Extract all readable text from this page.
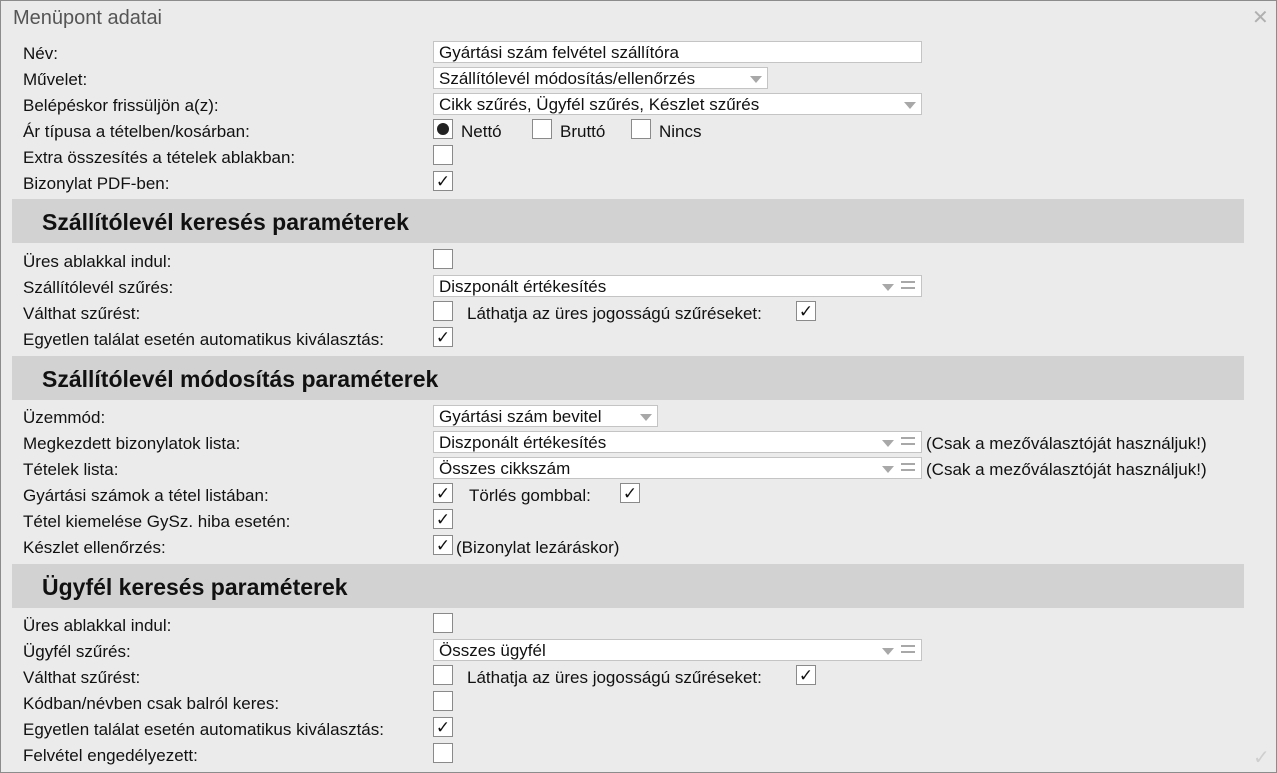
Menüpont adatai	✕
Név:	Gyártási szám felvétel szállítóra
Művelet:	Szállítólevél módosítás/ellenőrzés
Belépéskor frissüljön a(z):	Cikk szűrés, Ügyfél szűrés, Készlet szűrés
Ár típusa a tételben/kosárban:	Nettó	Bruttó	Nincs
Extra összesítés a tételek ablakban:
Bizonylat PDF-ben:	✓
Szállítólevél keresés paraméterek
Üres ablakkal indul:
Szállítólevél szűrés:	Diszponált értékesítés
Válthat szűrést:	Láthatja az üres jogosságú szűréseket: ✓
Egyetlen találat esetén automatikus kiválasztás:	✓
Szállítólevél módosítás paraméterek
Üzemmód:	Gyártási szám bevitel
Megkezdett bizonylatok lista:	Diszponált értékesítés	(Csak a mezőválasztóját használjuk!)
Tételek lista:	Összes cikkszám	(Csak a mezőválasztóját használjuk!)
Gyártási számok a tétel listában:	✓ Törlés gombbal: ✓
Tétel kiemelése GySz. hiba esetén:	✓
Készlet ellenőrzés:	✓ (Bizonylat lezáráskor)
Ügyfél keresés paraméterek
Üres ablakkal indul:
Ügyfél szűrés:	Összes ügyfél
Válthat szűrést:	Láthatja az üres jogosságú szűréseket: ✓
Kódban/névben csak balról keres:
Egyetlen találat esetén automatikus kiválasztás:	✓
Felvétel engedélyezett:	✓
